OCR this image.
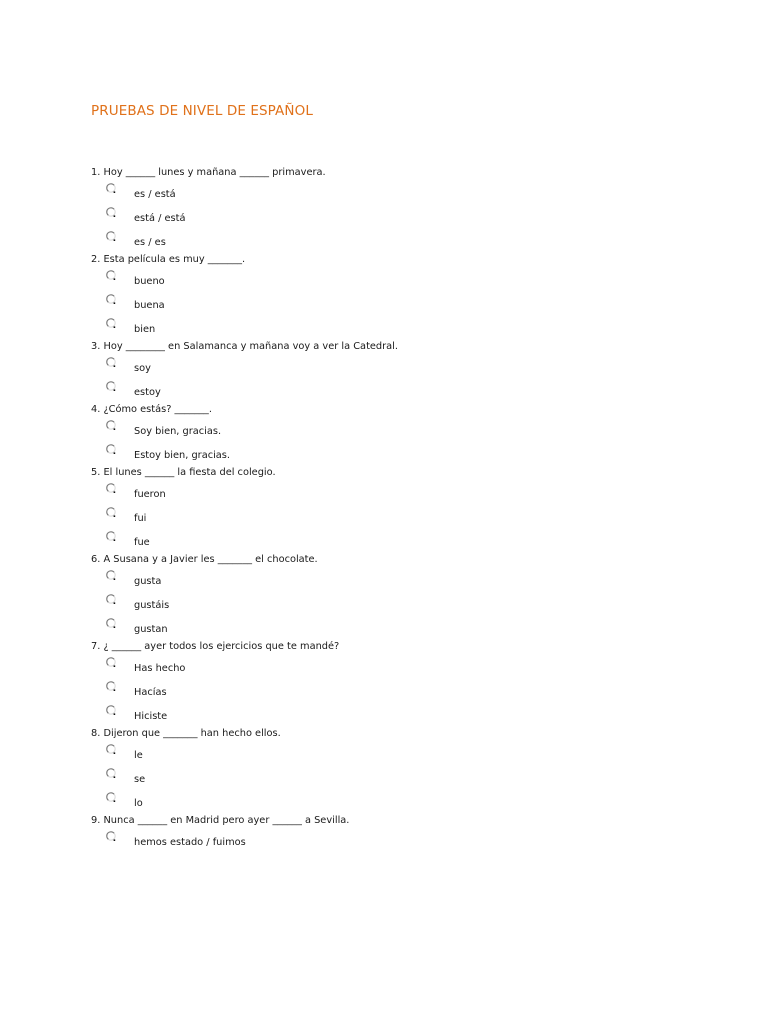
PRUEBAS DE NIVEL DE ESPAÑOL
1. Hoy ______ lunes y mañana ______ primavera.
es / está
está / está
es / es
2. Esta película es muy _______.
bueno
buena
bien
3. Hoy ________ en Salamanca y mañana voy a ver la Catedral.
soy
estoy
4. ¿Cómo estás? _______.
Soy bien, gracias.
Estoy bien, gracias.
5. El lunes ______ la fiesta del colegio.
fueron
fui
fue
6. A Susana y a Javier les _______ el chocolate.
gusta
gustáis
gustan
7. ¿ ______ ayer todos los ejercicios que te mandé?
Has hecho
Hacías
Hiciste
8. Dijeron que _______ han hecho ellos.
le
se
lo
9. Nunca ______ en Madrid pero ayer ______ a Sevilla.
hemos estado / fuimos
